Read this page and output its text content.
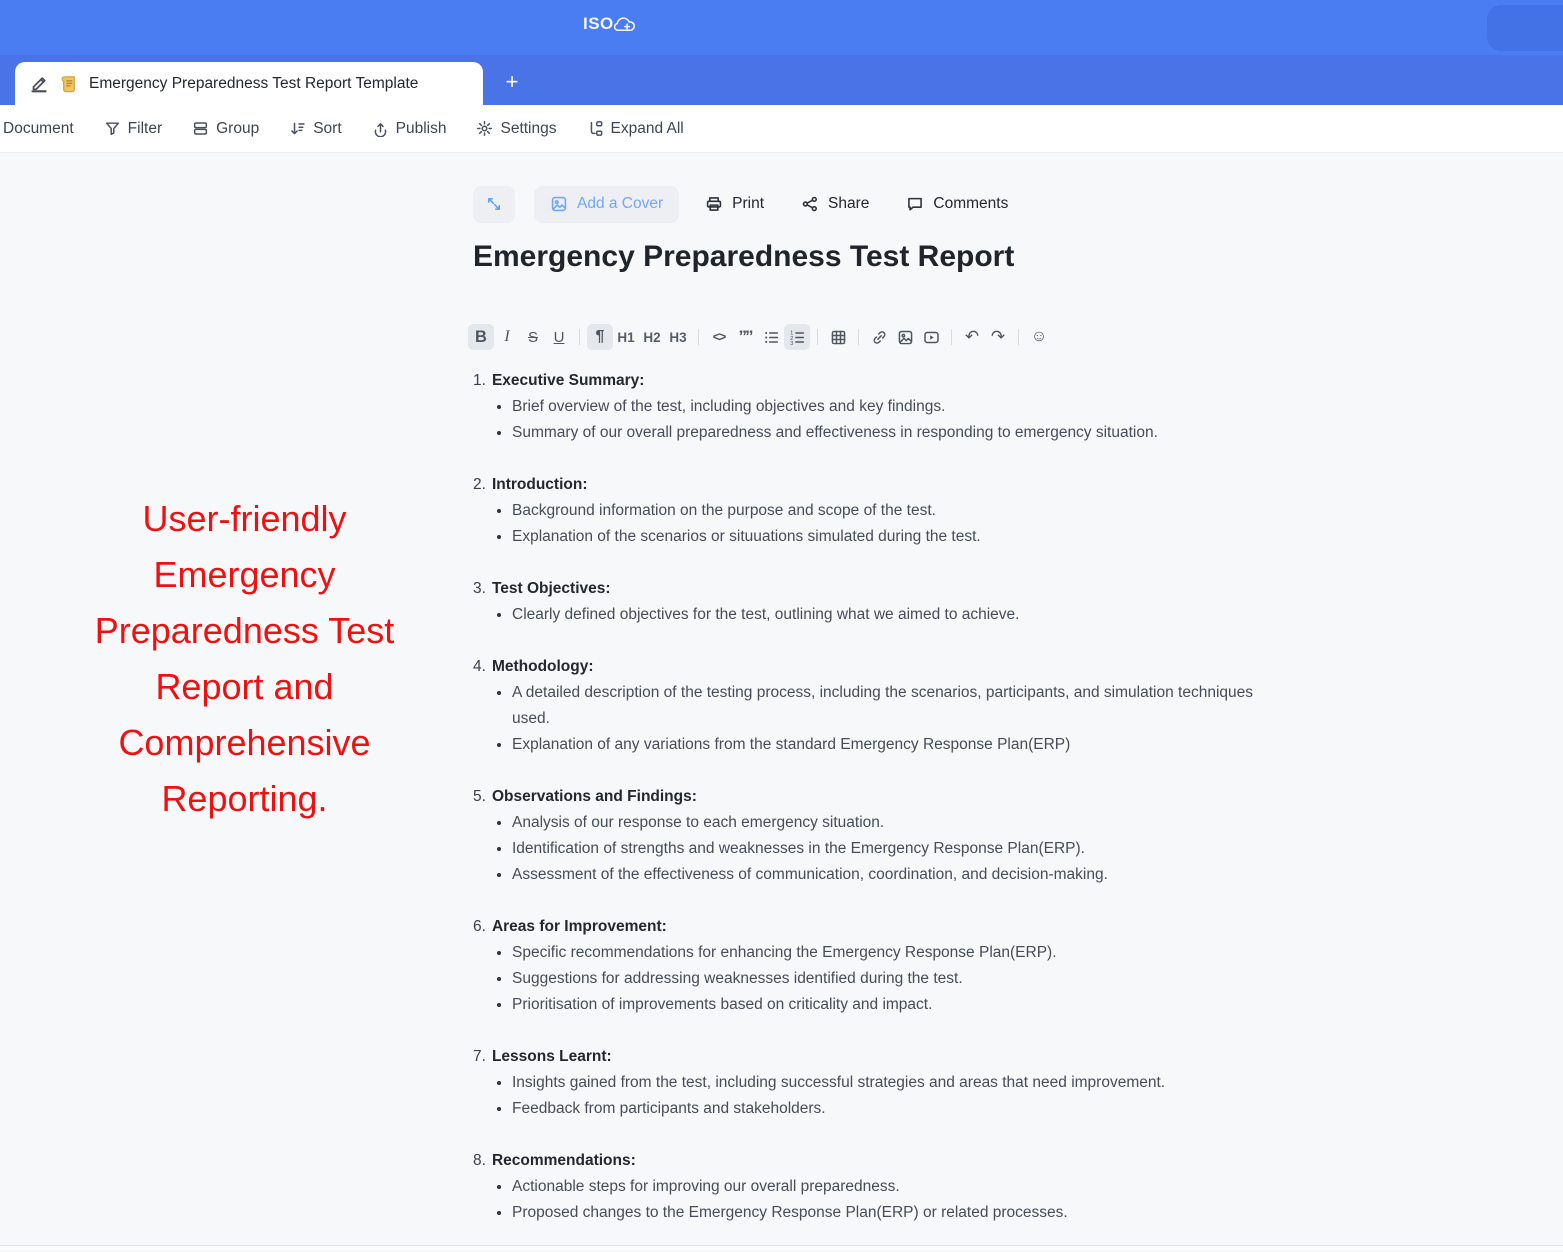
ISO
Emergency Preparedness Test Report Template	+
Document	Filter	Group	Sort	Publish	Settings	Expand All
User-friendly
Emergency
Preparedness Test
Report and
Comprehensive
Reporting.
Add a Cover	Print	Share	Comments
Emergency Preparedness Test Report
B	I	S	U	¶ H1 H2 H3	<> ””	1
2
3	↶ ↷	☺
1. Executive Summary:
• Brief overview of the test, including objectives and key findings.
• Summary of our overall preparedness and effectiveness in responding to emergency situation.
2. Introduction:
• Background information on the purpose and scope of the test.
• Explanation of the scenarios or situuations simulated during the test.
3. Test Objectives:
• Clearly defined objectives for the test, outlining what we aimed to achieve.
4. Methodology:
• A detailed description of the testing process, including the scenarios, participants, and simulation techniques used.
• Explanation of any variations from the standard Emergency Response Plan(ERP)
5. Observations and Findings:
• Analysis of our response to each emergency situation.
• Identification of strengths and weaknesses in the Emergency Response Plan(ERP).
• Assessment of the effectiveness of communication, coordination, and decision-making.
6. Areas for Improvement:
• Specific recommendations for enhancing the Emergency Response Plan(ERP).
• Suggestions for addressing weaknesses identified during the test.
• Prioritisation of improvements based on criticality and impact.
7. Lessons Learnt:
• Insights gained from the test, including successful strategies and areas that need improvement.
• Feedback from participants and stakeholders.
8. Recommendations:
• Actionable steps for improving our overall preparedness.
• Proposed changes to the Emergency Response Plan(ERP) or related processes.
